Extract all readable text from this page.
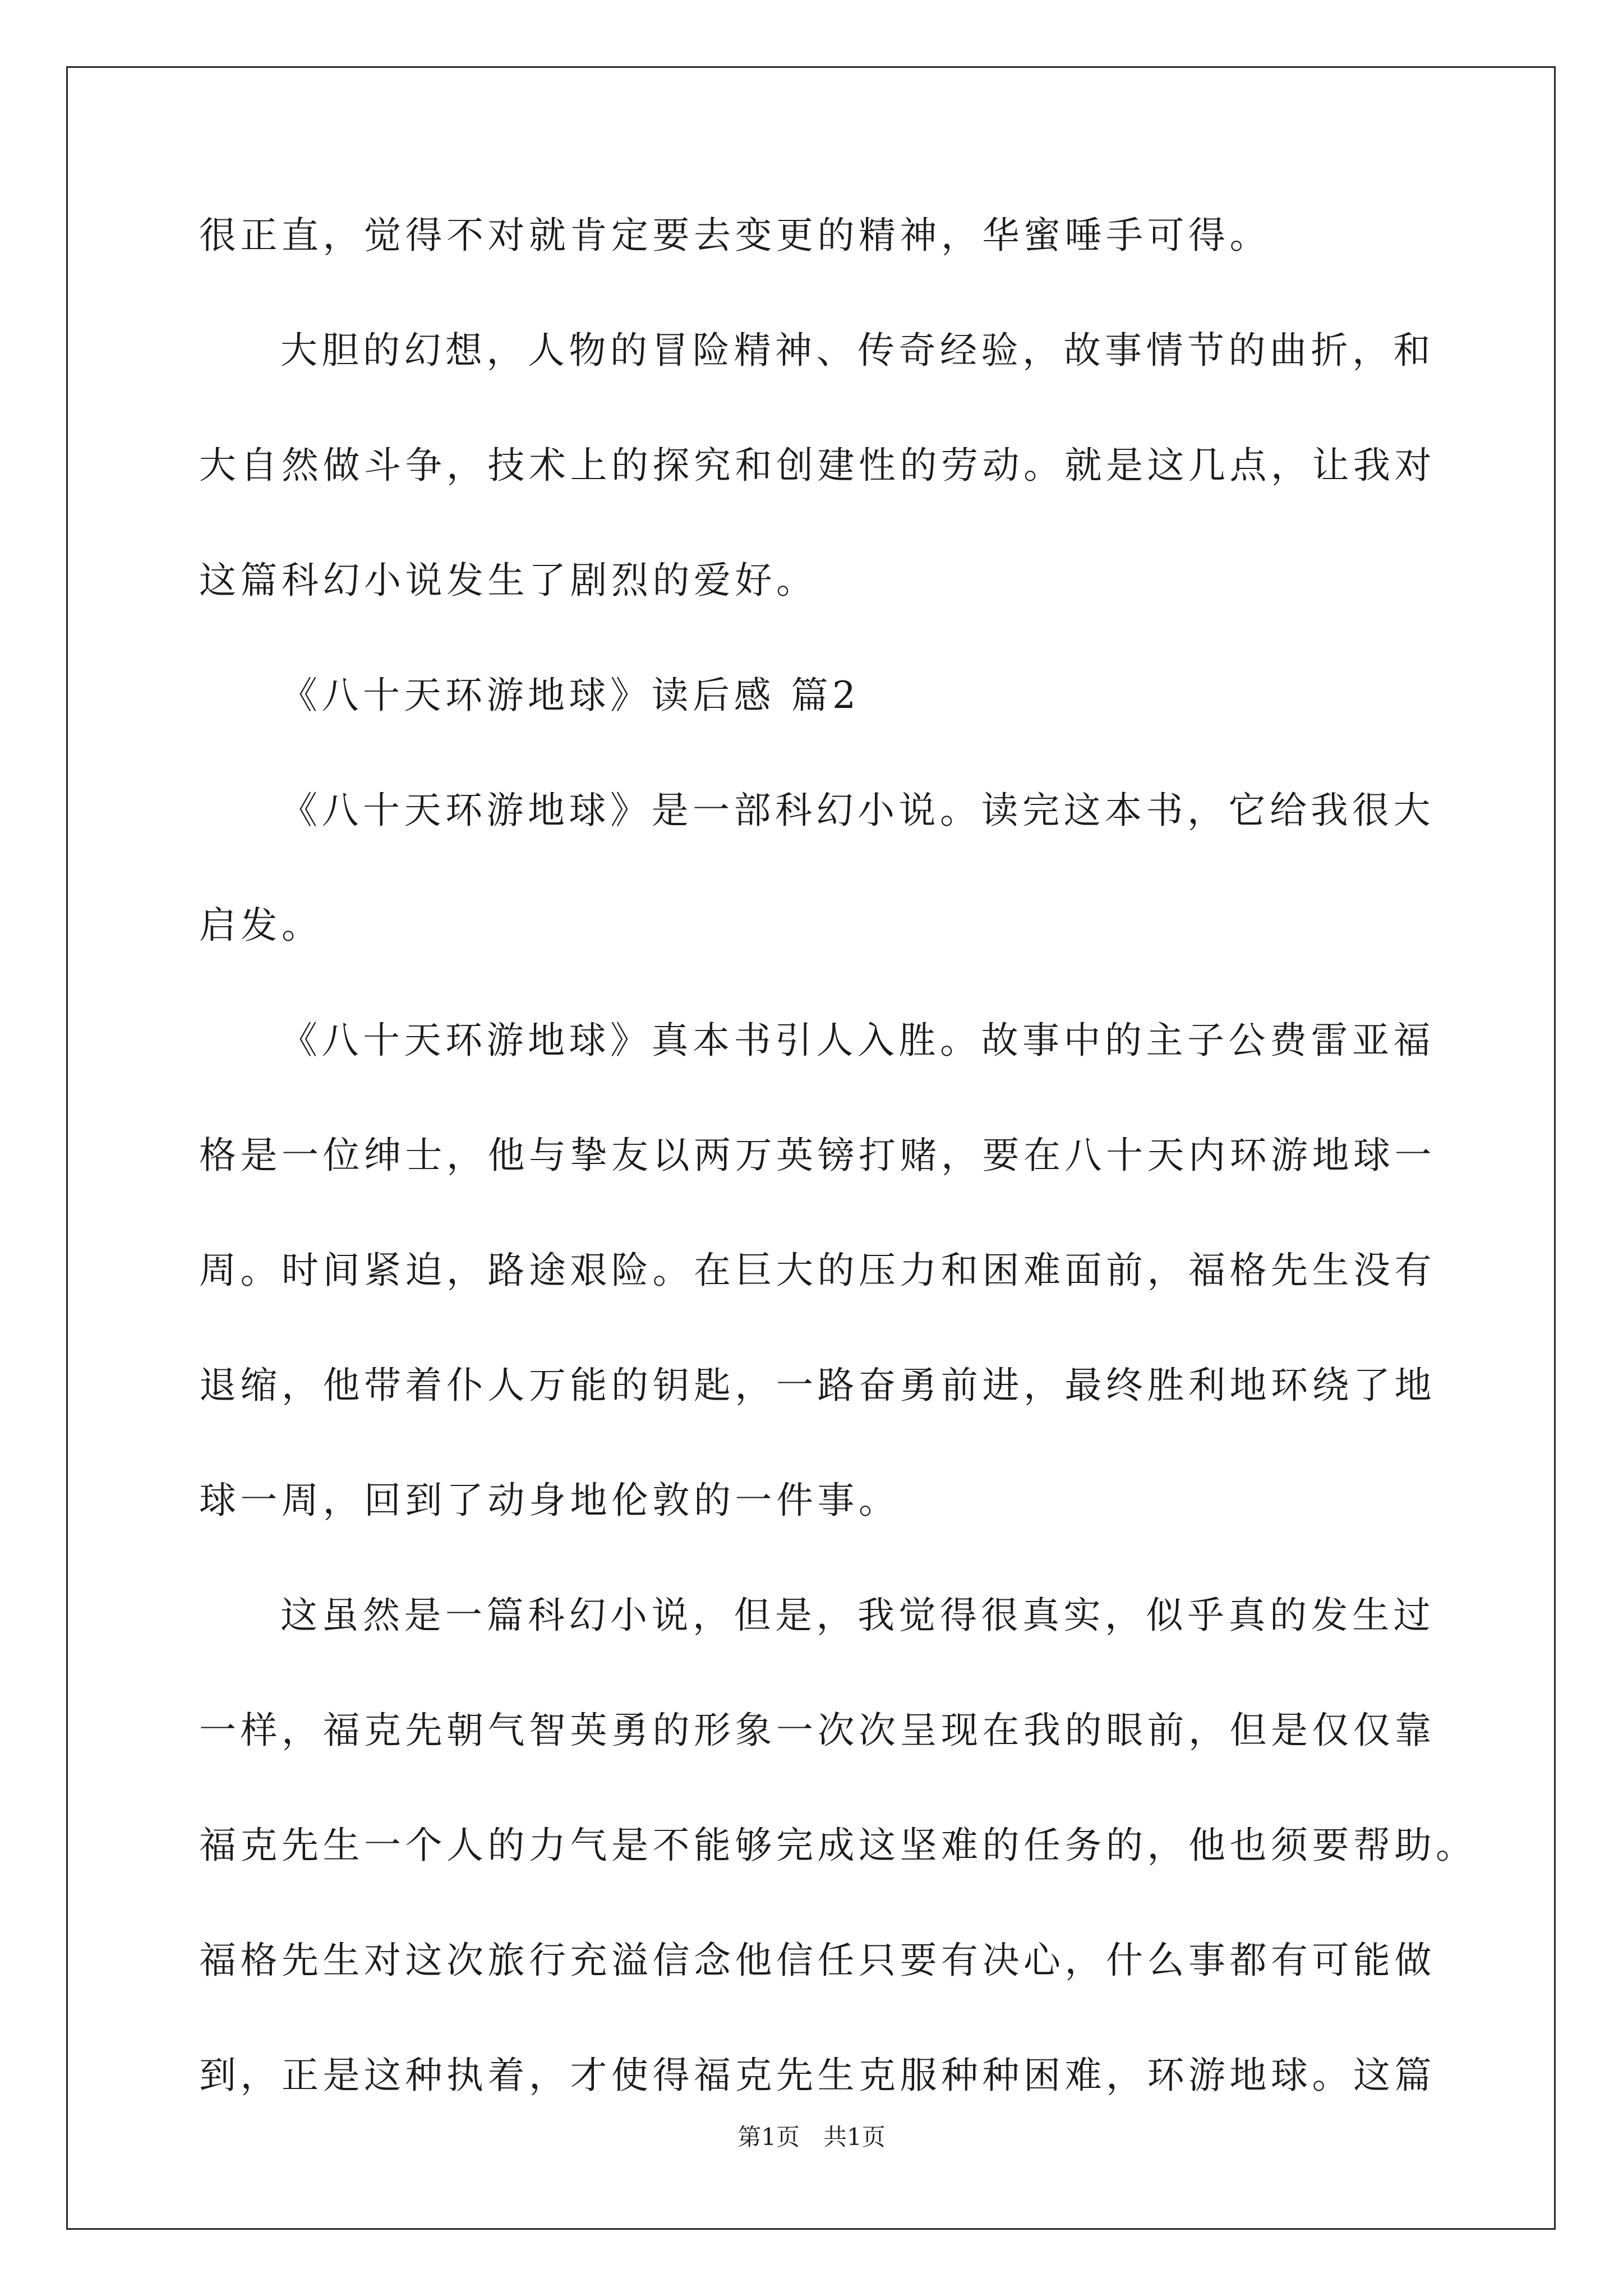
很正直，觉得不对就肯定要去变更的精神，华蜜唾手可得。
大胆的幻想，人物的冒险精神、传奇经验，故事情节的曲折，和
大自然做斗争，技术上的探究和创建性的劳动。就是这几点，让我对
这篇科幻小说发生了剧烈的爱好。
《八十天环游地球》读后感 篇2
《八十天环游地球》是一部科幻小说。读完这本书，它给我很大
启发。
《八十天环游地球》真本书引人入胜。故事中的主子公费雷亚福
格是一位绅士，他与挚友以两万英镑打赌，要在八十天内环游地球一
周。时间紧迫，路途艰险。在巨大的压力和困难面前，福格先生没有
退缩，他带着仆人万能的钥匙，一路奋勇前进，最终胜利地环绕了地
球一周，回到了动身地伦敦的一件事。
这虽然是一篇科幻小说，但是，我觉得很真实，似乎真的发生过
一样，福克先朝气智英勇的形象一次次呈现在我的眼前，但是仅仅靠
福克先生一个人的力气是不能够完成这坚难的任务的，他也须要帮助。
福格先生对这次旅行充溢信念他信任只要有决心，什么事都有可能做
到，正是这种执着，才使得福克先生克服种种困难，环游地球。这篇
第1页　共1页
